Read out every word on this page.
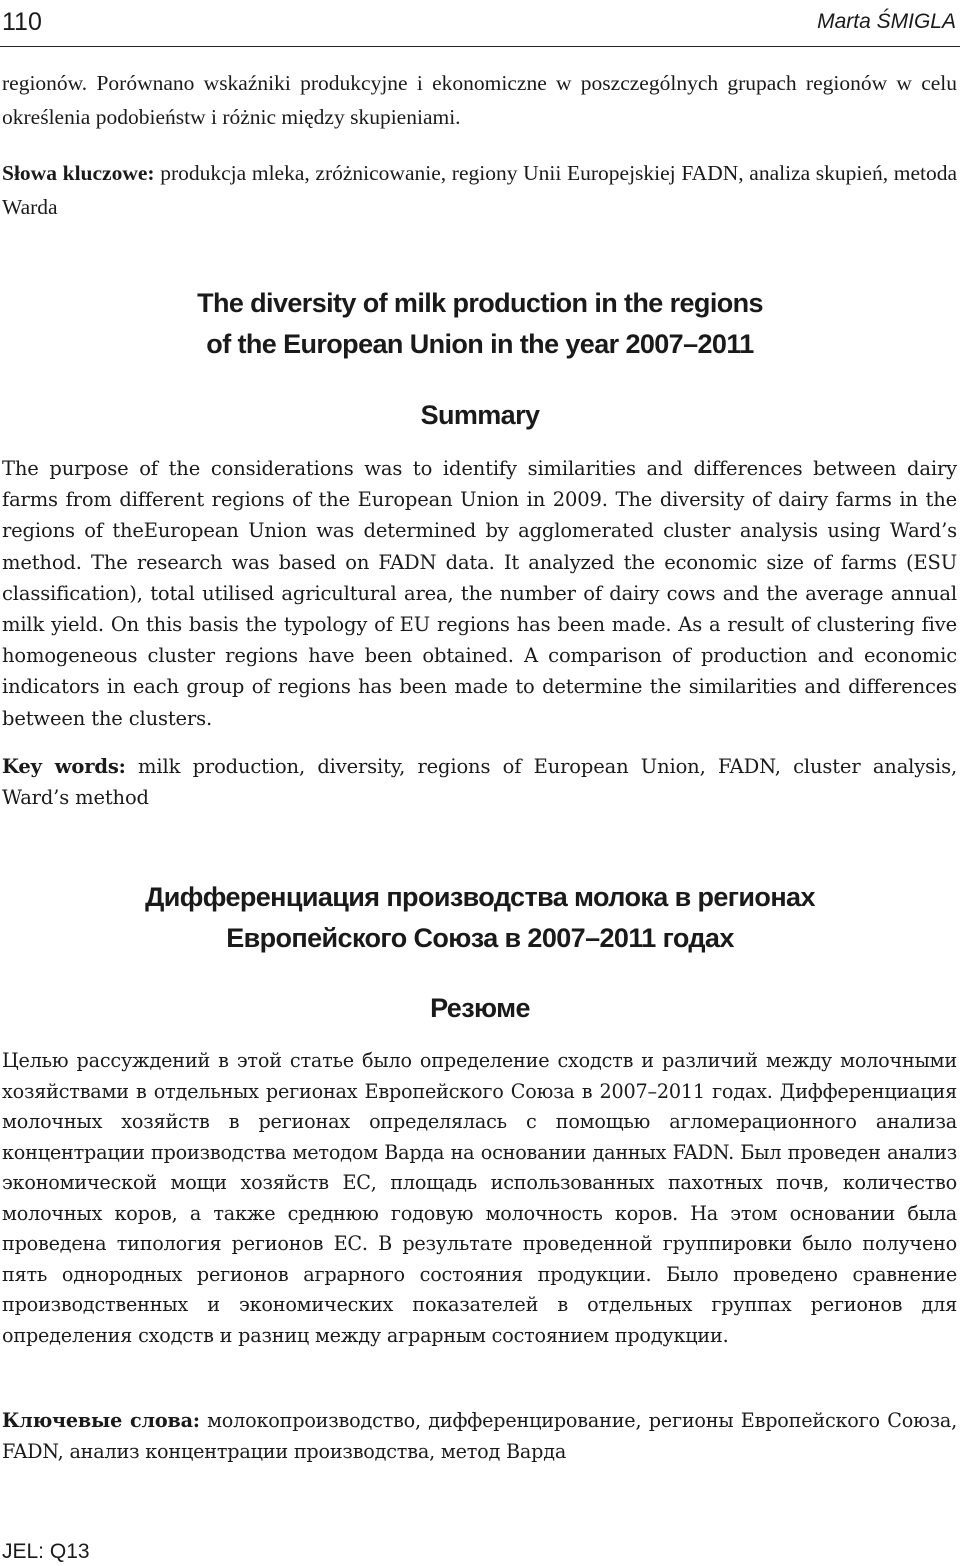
110	Marta ŚMIGLA
regionów. Porównano wskaźniki produkcyjne i ekonomiczne w poszczególnych grupach regionów w celu określenia podobieństw i różnic między skupieniami.
Słowa kluczowe: produkcja mleka, zróżnicowanie, regiony Unii Europejskiej FADN, analiza skupień, metoda Warda
The diversity of milk production in the regions
of the European Union in the year 2007–2011
Summary
The purpose of the considerations was to identify similarities and differences between dairy farms from different regions of the European Union in 2009. The diversity of dairy farms in the regions of theEuropean Union was determined by agglomerated cluster analysis using Ward’s method. The research was based on FADN data. It analyzed the economic size of farms (ESU classification), total utilised agricultural area, the number of dairy cows and the average annual milk yield. On this basis the typology of EU regions has been made. As a result of clustering five homogeneous cluster regions have been obtained. A comparison of production and economic indicators in each group of regions has been made to determine the similarities and differences between the clusters.
Key words: milk production, diversity, regions of European Union, FADN, cluster analysis, Ward’s method
Дифференциация производства молока в регионах
Европейского Союза в 2007–2011 годах
Резюме
Целью рассуждений в этой статье было определение сходств и различий между молочными хозяйствами в отдельных регионах Европейского Союза в 2007–2011 годах. Дифференциация молочных хозяйств в регионах определялась с помощью агломерационного анализа концентрации производства методом Варда на основании данных FADN. Был проведен анализ экономической мощи хозяйств ЕС, площадь использованных пахотных почв, количество молочных коров, а также среднюю годовую молочность коров. На этом основании была проведена типология регионов ЕС. В результате проведенной группировки было получено пять однородных регионов аграрного состояния продукции. Было проведено сравнение производственных и экономических показателей в отдельных группах регионов для определения сходств и разниц между аграрным состоянием продукции.
Ключевые слова: молокопроизводство, дифференцирование, регионы Европейского Союза, FADN, анализ концентрации производства, метод Варда
JEL: Q13
